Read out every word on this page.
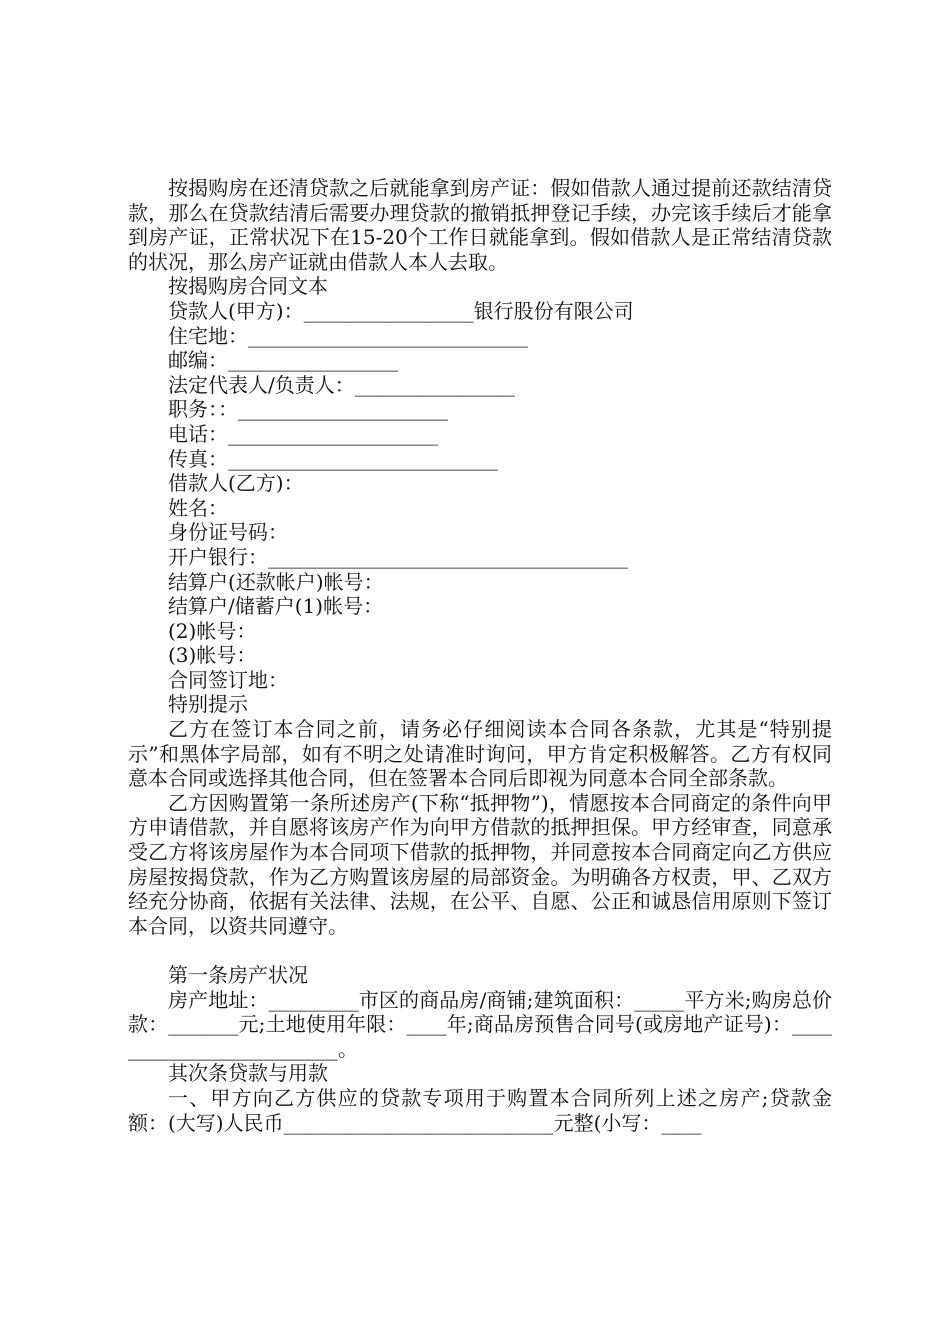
按揭购房在还清贷款之后就能拿到房产证：假如借款人通过提前还款结清贷款，那么在贷款结清后需要办理贷款的撤销抵押登记手续，办完该手续后才能拿到房产证，正常状况下在15-20个工作日就能拿到。假如借款人是正常结清贷款的状况，那么房产证就由借款人本人去取。

按揭购房合同文本

贷款人(甲方)：_________________银行股份有限公司

住宅地：____________________________

邮编：_________________

法定代表人/负责人：________________

职务：：_____________________

电话：_____________________

传真：___________________________

借款人(乙方)：

姓名：

身份证号码：

开户银行：____________________________________

结算户(还款帐户)帐号：

结算户/储蓄户(1)帐号：

(2)帐号：

(3)帐号：

合同签订地：

特别提示

乙方在签订本合同之前，请务必仔细阅读本合同各条款，尤其是“特别提示”和黑体字局部，如有不明之处请准时询问，甲方肯定积极解答。乙方有权同意本合同或选择其他合同，但在签署本合同后即视为同意本合同全部条款。

乙方因购置第一条所述房产(下称“抵押物”)，情愿按本合同商定的条件向甲方申请借款，并自愿将该房产作为向甲方借款的抵押担保。甲方经审查，同意承受乙方将该房屋作为本合同项下借款的抵押物，并同意按本合同商定向乙方供应房屋按揭贷款，作为乙方购置该房屋的局部资金。为明确各方权责，甲、乙双方经充分协商，依据有关法律、法规，在公平、自愿、公正和诚恳信用原则下签订本合同，以资共同遵守。

第一条房产状况

房产地址：_________市区的商品房/商铺;建筑面积：_____平方米;购房总价款：_______元;土地使用年限：____年;商品房预售合同号(或房地产证号)：_________________________。

其次条贷款与用款

一、甲方向乙方供应的贷款专项用于购置本合同所列上述之房产;贷款金额：(大写)人民币___________________________元整(小写：____
